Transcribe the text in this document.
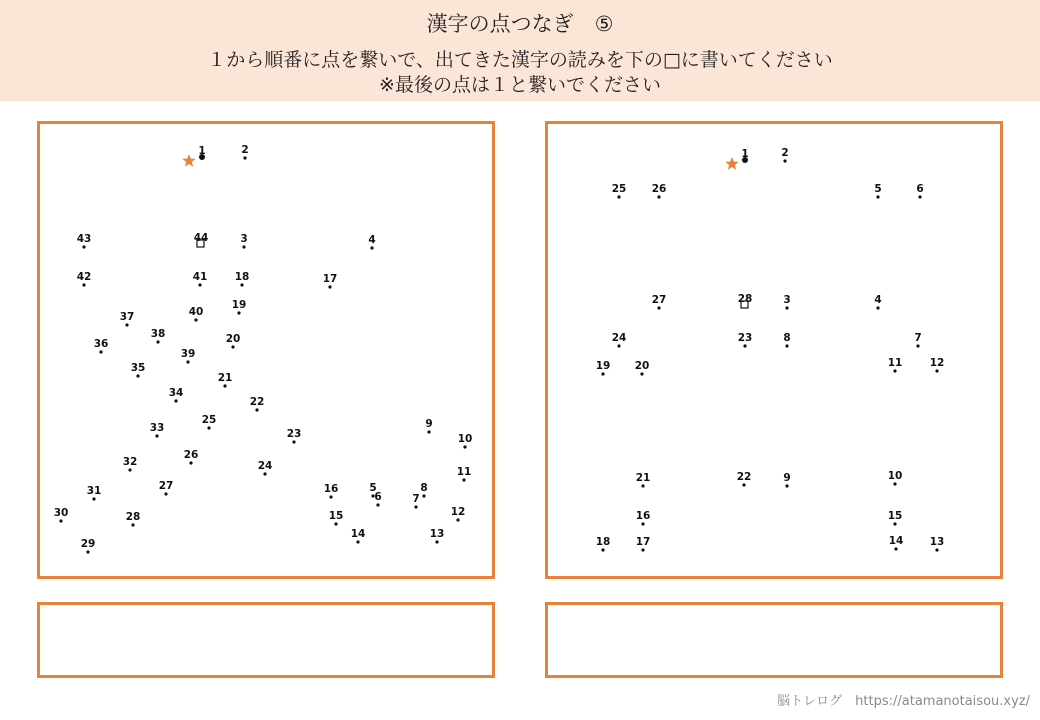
漢字の点つなぎ　⑤
１から順番に点を繋いで、出てきた漢字の読みを下の□に書いてください
※最後の点は１と繋いでください
1	2
3	4
5
6	7
8
9
10
11
12
13
14
15
16
17
18
19
20
21
22
23
24
25
26
27
28
29
30
31
32
33
34
35
36
37
38
39
40
41
42
43	44
1	2
3	4
5	6
7
8
9	10
11	12
13
14
15
16
17
18
19 20
21	22
23
24
25 26
27	28
脳トレログ　https://atamanotaisou.xyz/
